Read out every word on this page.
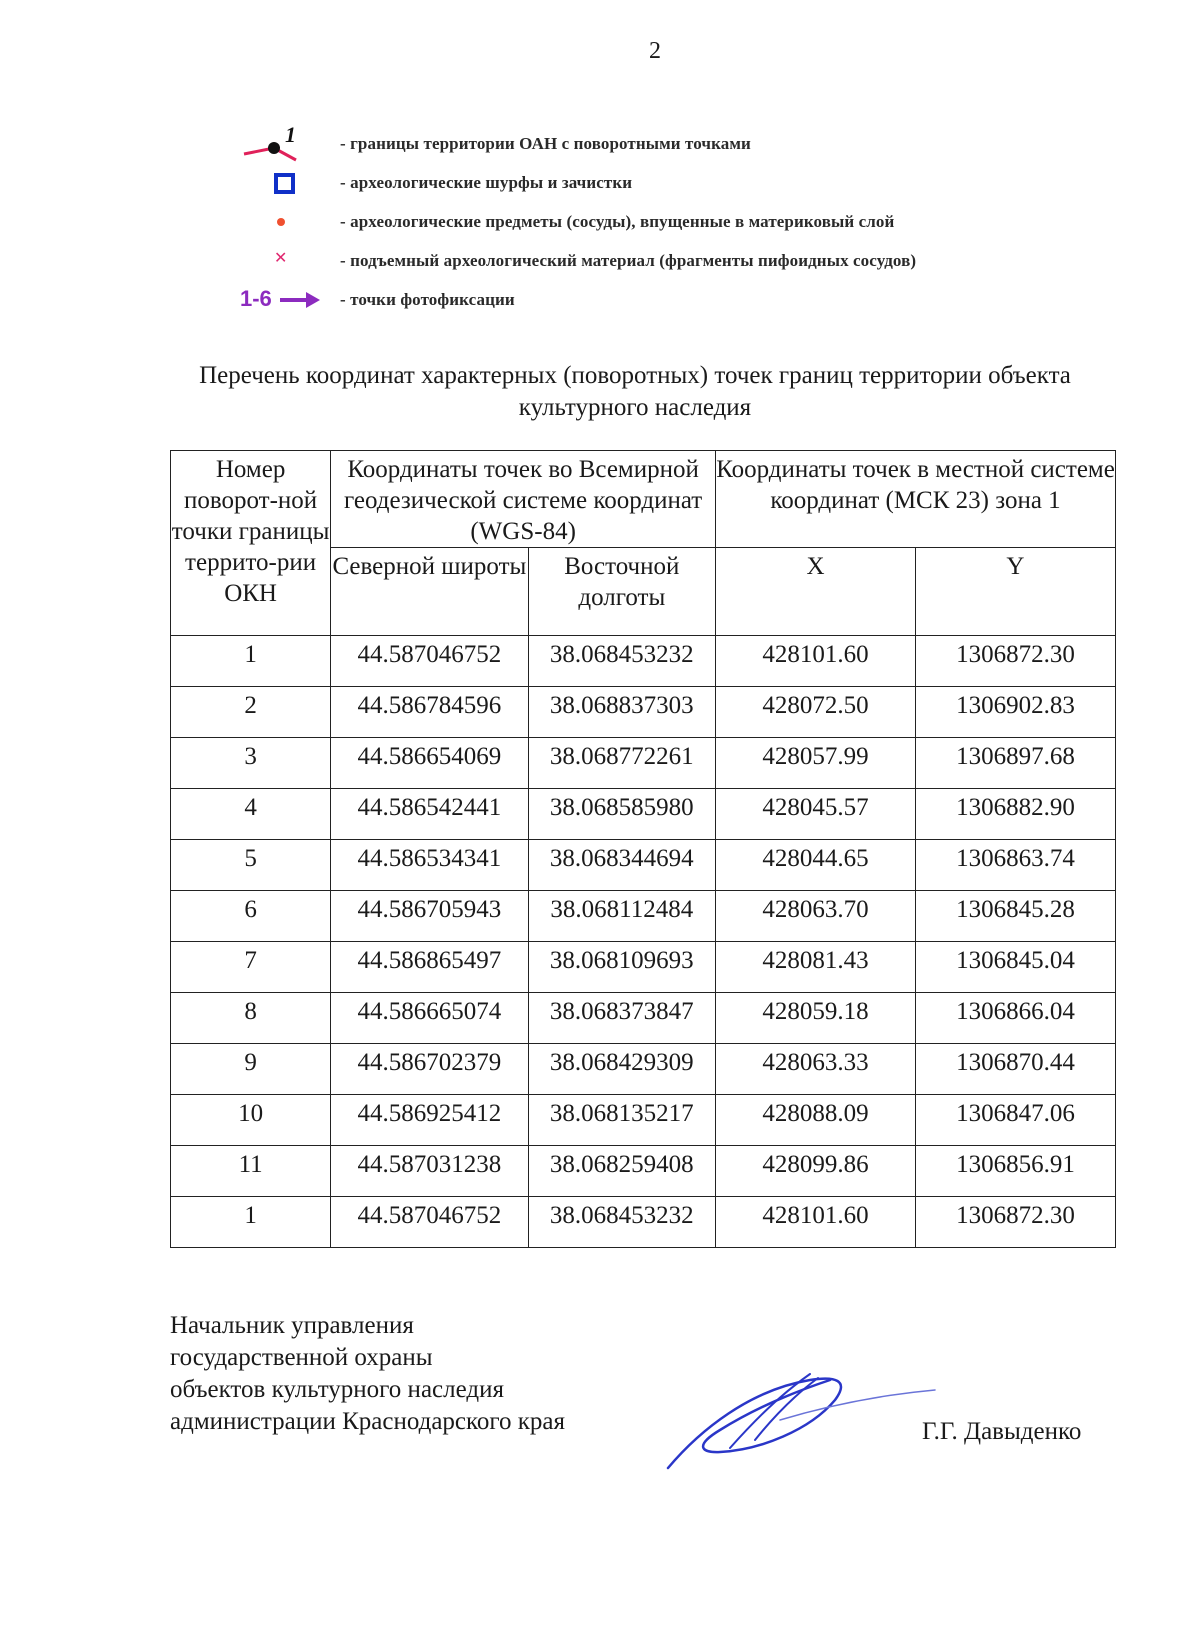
2
1	- границы территории ОАН с поворотными точками
- археологические шурфы и зачистки
- археологические предметы (сосуды), впущенные в материковый слой
✕	- подъемный археологический материал (фрагменты пифоидных сосудов)
1-6	- точки фотофиксации
Перечень координат характерных (поворотных) точек границ территории объекта культурного наследия
Номер поворот-ной точки границы террито-рии ОКН	Координаты точек во Всемирной геодезической системе координат (WGS-84)		Координаты точек в местной системе координат (МСК 23) зона 1	
	Северной широты	Восточной долготы	X	Y
1	44.587046752	38.068453232	428101.60	1306872.30
2	44.586784596	38.068837303	428072.50	1306902.83
3	44.586654069	38.068772261	428057.99	1306897.68
4	44.586542441	38.068585980	428045.57	1306882.90
5	44.586534341	38.068344694	428044.65	1306863.74
6	44.586705943	38.068112484	428063.70	1306845.28
7	44.586865497	38.068109693	428081.43	1306845.04
8	44.586665074	38.068373847	428059.18	1306866.04
9	44.586702379	38.068429309	428063.33	1306870.44
10	44.586925412	38.068135217	428088.09	1306847.06
11	44.587031238	38.068259408	428099.86	1306856.91
1	44.587046752	38.068453232	428101.60	1306872.30
Начальник управления
государственной охраны
объектов культурного наследия
администрации Краснодарского края	Г.Г. Давыденко
